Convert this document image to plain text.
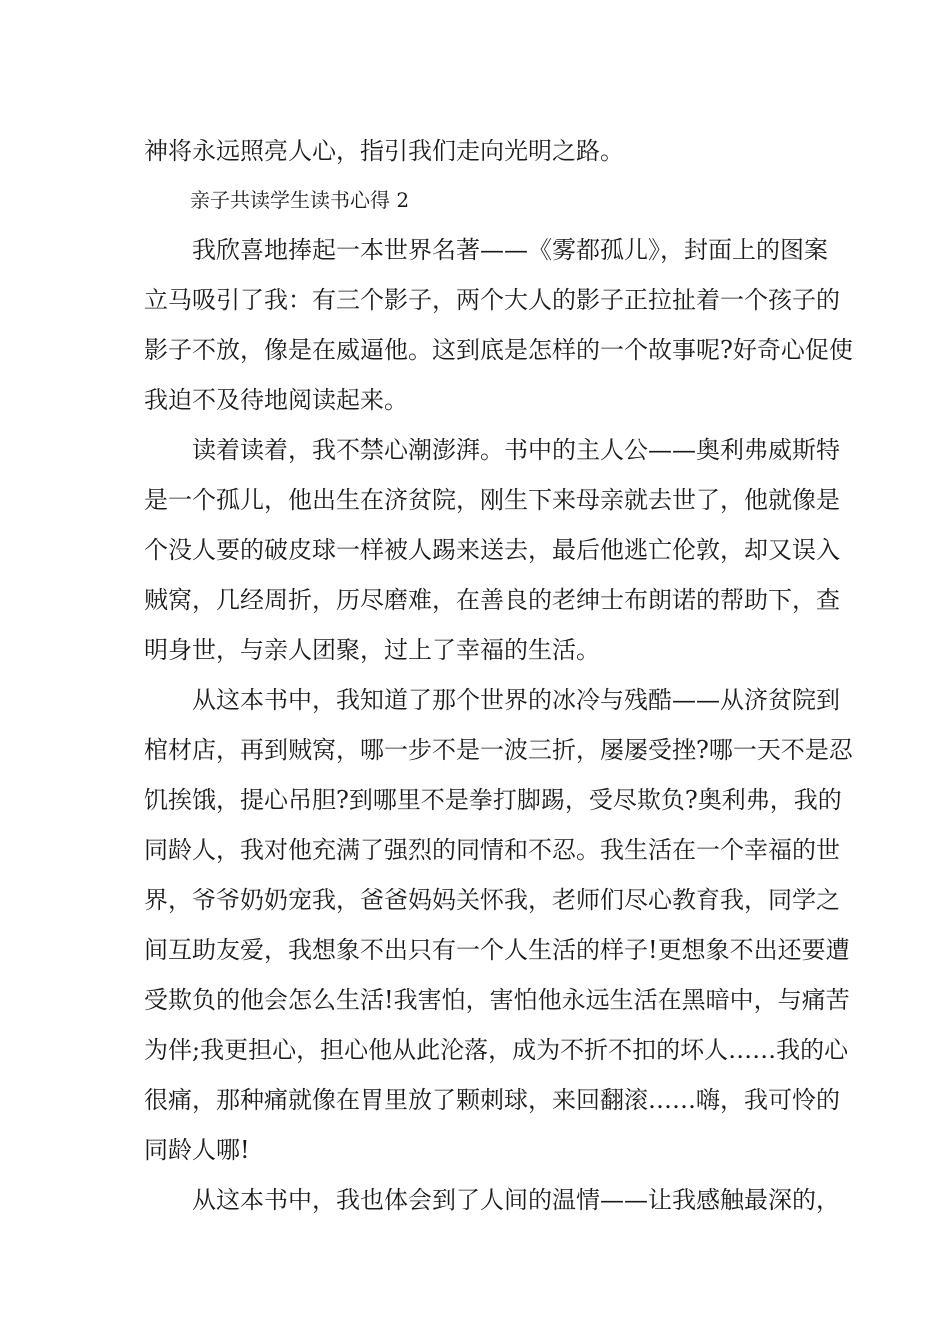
神将永远照亮人心，指引我们走向光明之路。

亲子共读学生读书心得 2

我欣喜地捧起一本世界名著——《雾都孤儿》，封面上的图案

立马吸引了我：有三个影子，两个大人的影子正拉扯着一个孩子的

影子不放，像是在威逼他。这到底是怎样的一个故事呢?好奇心促使

我迫不及待地阅读起来。

读着读着，我不禁心潮澎湃。书中的主人公——奥利弗威斯特

是一个孤儿，他出生在济贫院，刚生下来母亲就去世了，他就像是

个没人要的破皮球一样被人踢来送去，最后他逃亡伦敦，却又误入

贼窝，几经周折，历尽磨难，在善良的老绅士布朗诺的帮助下，查

明身世，与亲人团聚，过上了幸福的生活。

从这本书中，我知道了那个世界的冰冷与残酷——从济贫院到

棺材店，再到贼窝，哪一步不是一波三折，屡屡受挫?哪一天不是忍

饥挨饿，提心吊胆?到哪里不是拳打脚踢，受尽欺负?奥利弗，我的

同龄人，我对他充满了强烈的同情和不忍。我生活在一个幸福的世

界，爷爷奶奶宠我，爸爸妈妈关怀我，老师们尽心教育我，同学之

间互助友爱，我想象不出只有一个人生活的样子!更想象不出还要遭

受欺负的他会怎么生活!我害怕，害怕他永远生活在黑暗中，与痛苦

为伴;我更担心，担心他从此沦落，成为不折不扣的坏人……我的心

很痛，那种痛就像在胃里放了颗刺球，来回翻滚……嗨，我可怜的

同龄人哪!

从这本书中，我也体会到了人间的温情——让我感触最深的，
